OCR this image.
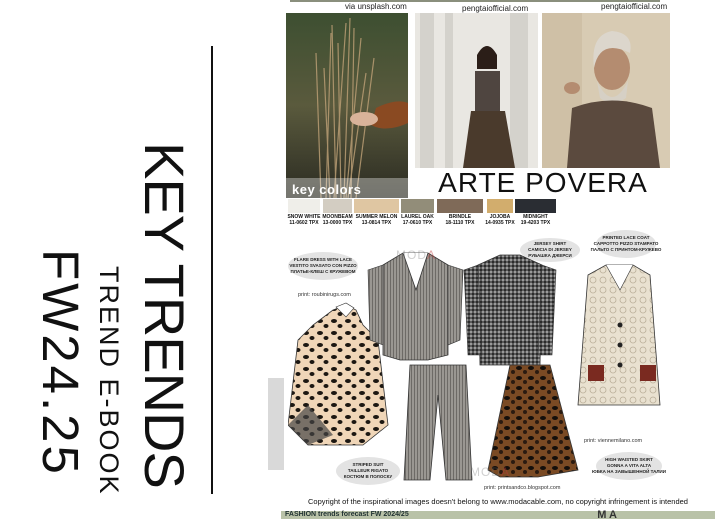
KEY TRENDS
TREND E-BOOK
FW24.25
via unsplash.com	pengtaiofficial.com	pengtaiofficial.com
key colors	ARTE POVERA
key shapes
SNOW WHITE
11-0602 TPX
MOONBEAM
13-0000 TPX
SUMMER MELON
13-0814 TPX
LAUREL OAK
17-0610 TPX
BRINDLE
18-1110 TPX
JOJOBA
14-0935 TPX
MIDNIGHT
19-4203 TPX
FLARE DRESS WITH LACE
VESTITO SVASATO CON PIZZO
ПЛАТЬЕ-КЛЕШ С КРУЖЕВОМ
JERSEY SHIRT
CAMICIA DI JERSEY
РУБАШКА ДЖЕРСИ
PRINTED LACE COAT
CAPPOTTO PIZZO STAMPATO
ПАЛЬТО С ПРИНТОМ-КРУЖЕВО
STRIPED SUIT
TAILLEUR RIGATO
КОСТЮМ В ПОЛОСКУ
HIGH WAISTED SKIRT
GONNA A VITA ALTA
ЮБКА НА ЗАВЫШЕННОЙ ТАЛИИ
print: roubinirugs.com
print: viennemilano.com
print: printsandco.blogspot.com
MODA
MODA
Copyright of the inspirational images doesn't belong to www.modacable.com, no copyright infringement is intended
FASHION trends forecast FW 2024/25	M A
